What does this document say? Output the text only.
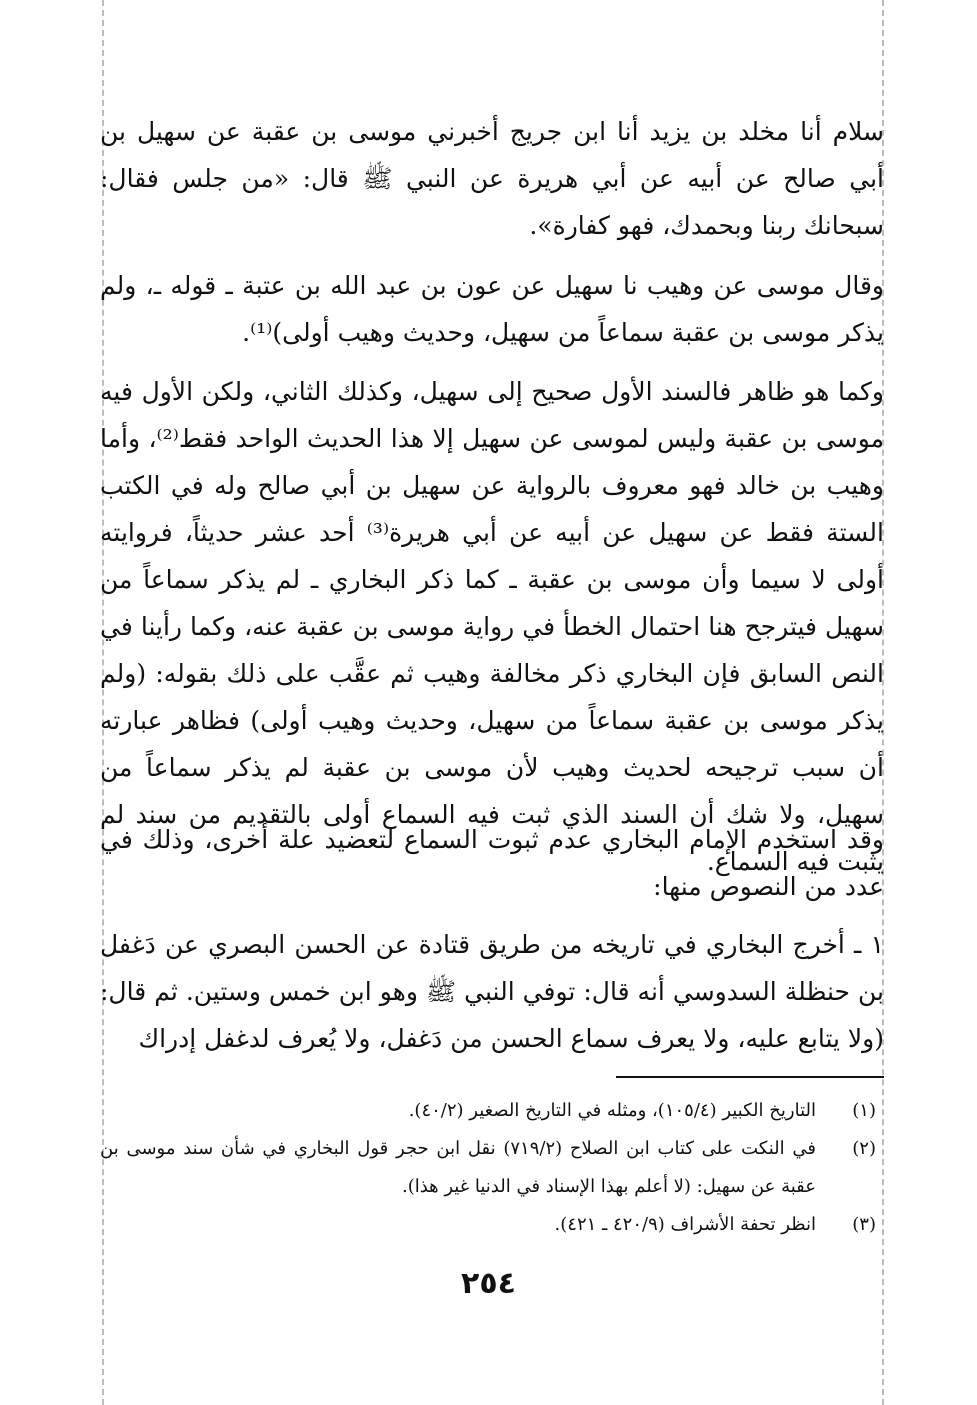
سلام أنا مخلد بن يزيد أنا ابن جريج أخبرني موسى بن عقبة عن سهيل بن أبي صالح عن أبيه عن أبي هريرة عن النبي ﷺ قال: «من جلس فقال: سبحانك ربنا وبحمدك، فهو كفارة».

وقال موسى عن وهيب نا سهيل عن عون بن عبد الله بن عتبة ـ قوله ـ، ولم يذكر موسى بن عقبة سماعاً من سهيل، وحديث وهيب أولى)⁽¹⁾.

وكما هو ظاهر فالسند الأول صحيح إلى سهيل، وكذلك الثاني، ولكن الأول فيه موسى بن عقبة وليس لموسى عن سهيل إلا هذا الحديث الواحد فقط⁽²⁾، وأما وهيب بن خالد فهو معروف بالرواية عن سهيل بن أبي صالح وله في الكتب الستة فقط عن سهيل عن أبيه عن أبي هريرة⁽³⁾ أحد عشر حديثاً، فروايته أولى لا سيما وأن موسى بن عقبة ـ كما ذكر البخاري ـ لم يذكر سماعاً من سهيل فيترجح هنا احتمال الخطأ في رواية موسى بن عقبة عنه، وكما رأينا في النص السابق فإن البخاري ذكر مخالفة وهيب ثم عقَّب على ذلك بقوله: (ولم يذكر موسى بن عقبة سماعاً من سهيل، وحديث وهيب أولى) فظاهر عبارته أن سبب ترجيحه لحديث وهيب لأن موسى بن عقبة لم يذكر سماعاً من سهيل، ولا شك أن السند الذي ثبت فيه السماع أولى بالتقديم من سند لم يثبت فيه السماع.

وقد استخدم الإمام البخاري عدم ثبوت السماع لتعضيد علة أخرى، وذلك في عدد من النصوص منها:

١ ـ أخرج البخاري في تاريخه من طريق قتادة عن الحسن البصري عن دَغفل بن حنظلة السدوسي أنه قال: توفي النبي ﷺ وهو ابن خمس وستين. ثم قال: (ولا يتابع عليه، ولا يعرف سماع الحسن من دَغفل، ولا يُعرف لدغفل إدراك

(١)
التاريخ الكبير (١٠٥/٤)، ومثله في التاريخ الصغير (٤٠/٢).
(٢)
في النكت على كتاب ابن الصلاح (٧١٩/٢) نقل ابن حجر قول البخاري في شأن سند موسى بن عقبة عن سهيل: (لا أعلم بهذا الإسناد في الدنيا غير هذا).
(٣)
انظر تحفة الأشراف (٤٢٠/٩ ـ ٤٢١).
٢٥٤
